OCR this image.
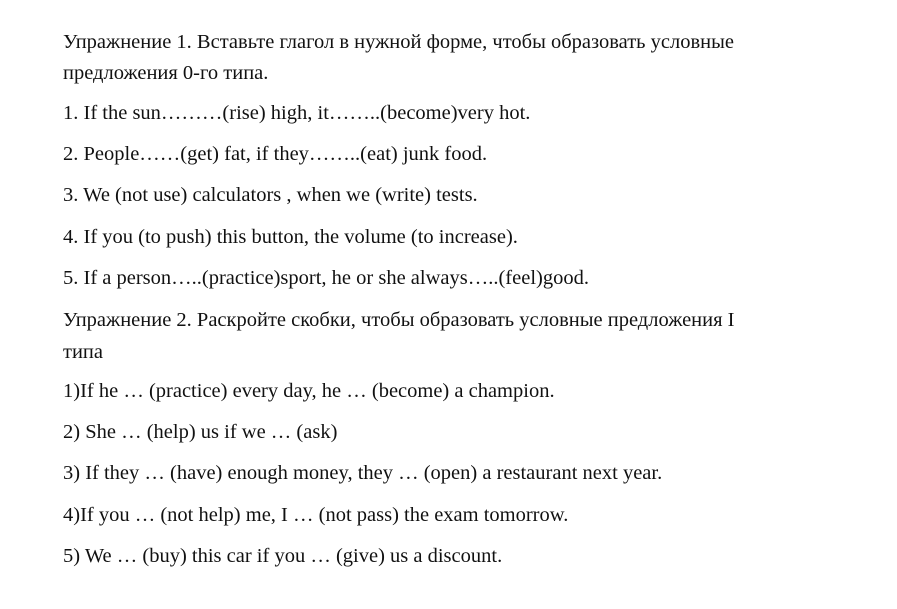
Упражнение 1. Вставьте глагол в нужной форме, чтобы образовать условные
предложения 0-го типа.
1. If the sun………(rise) high, it……..(become)very hot.
2. People……(get) fat, if they……..(eat) junk food.
3. We (not use) calculators , when we (write) tests.
4. If you (to push) this button, the volume (to increase).
5. If a person…..(practice)sport, he or she always…..(feel)good.
Упражнение 2. Раскройте скобки, чтобы образовать условные предложения I
типа
1)If he … (practice) every day, he … (become) a champion.
2) She … (help) us if we … (ask)
3) If they … (have) enough money, they … (open) a restaurant next year.
4)If you … (not help) me, I … (not pass) the exam tomorrow.
5) We … (buy) this car if you … (give) us a discount.
